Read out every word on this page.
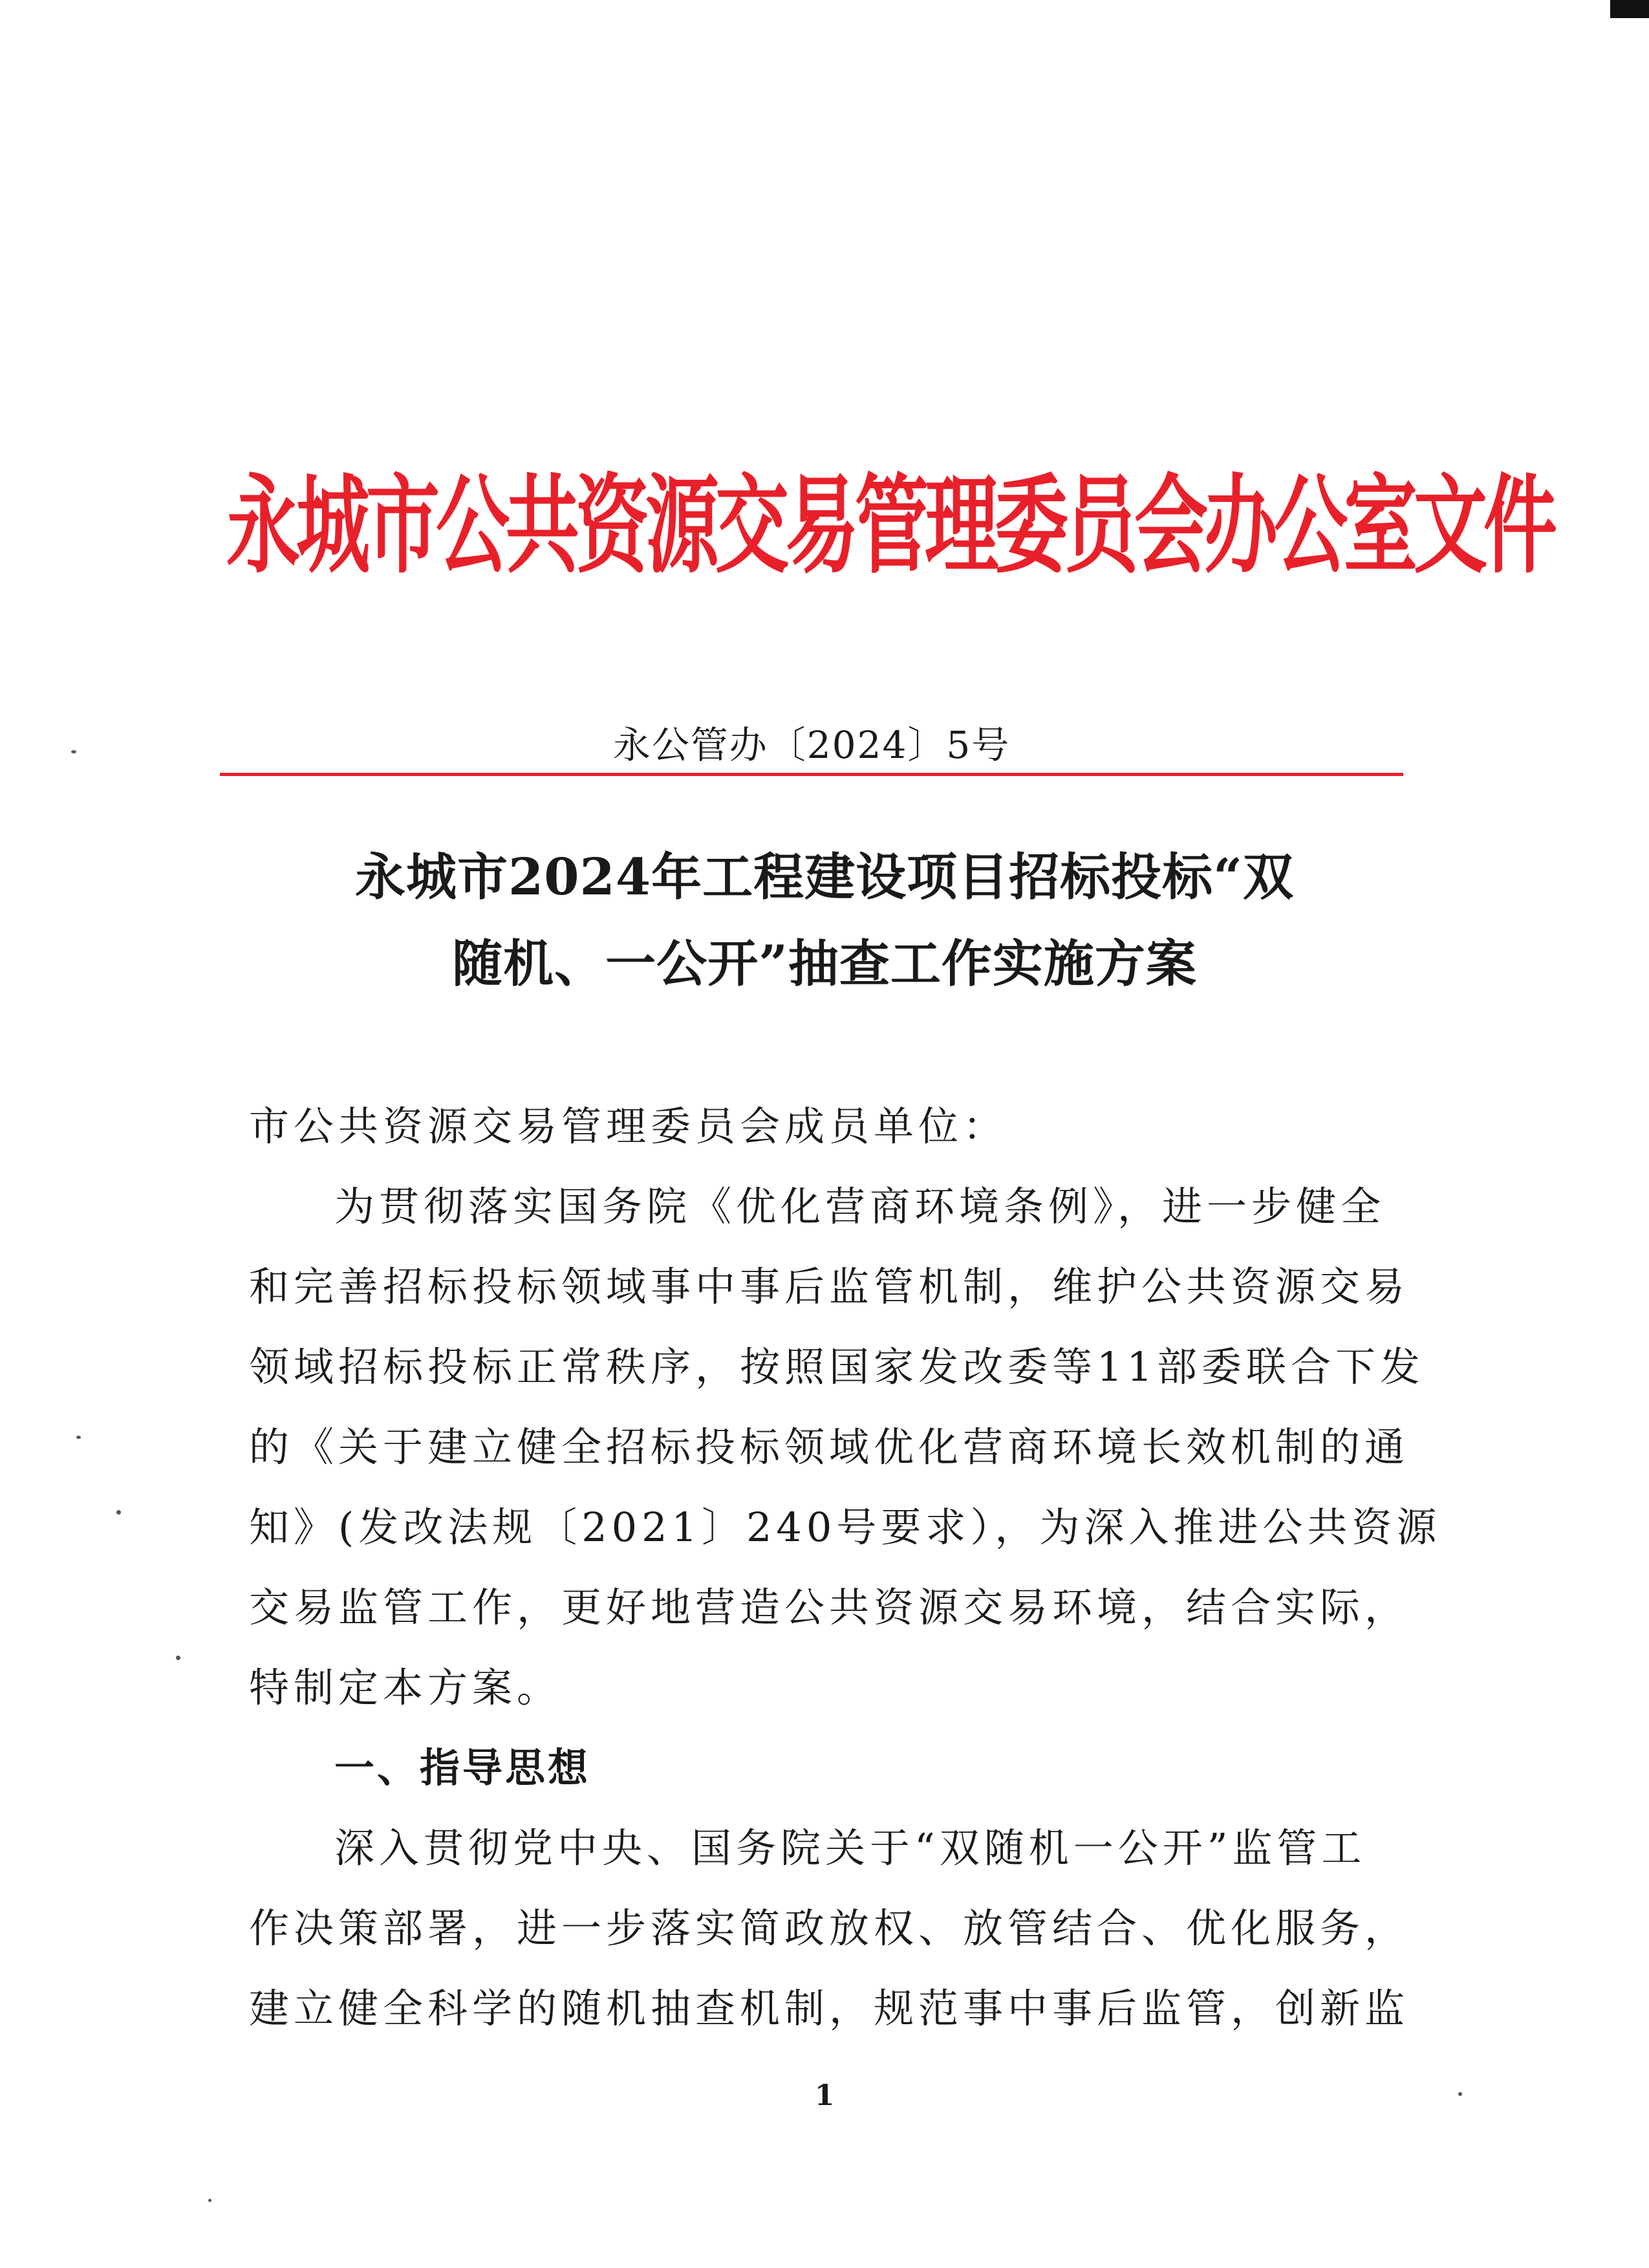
永城市公共资源交易管理委员会办公室文件
永公管办〔2024〕5号
永城市2024年工程建设项目招标投标“双
随机、一公开”抽查工作实施方案
市公共资源交易管理委员会成员单位：
为贯彻落实国务院《优化营商环境条例》，进一步健全
和完善招标投标领域事中事后监管机制，维护公共资源交易
领域招标投标正常秩序，按照国家发改委等11部委联合下发
的《关于建立健全招标投标领域优化营商环境长效机制的通
知》(发改法规〔2021〕240号要求），为深入推进公共资源
交易监管工作，更好地营造公共资源交易环境，结合实际，
特制定本方案。
一、指导思想
深入贯彻党中央、国务院关于“双随机一公开”监管工
作决策部署，进一步落实简政放权、放管结合、优化服务，
建立健全科学的随机抽查机制，规范事中事后监管，创新监
1
